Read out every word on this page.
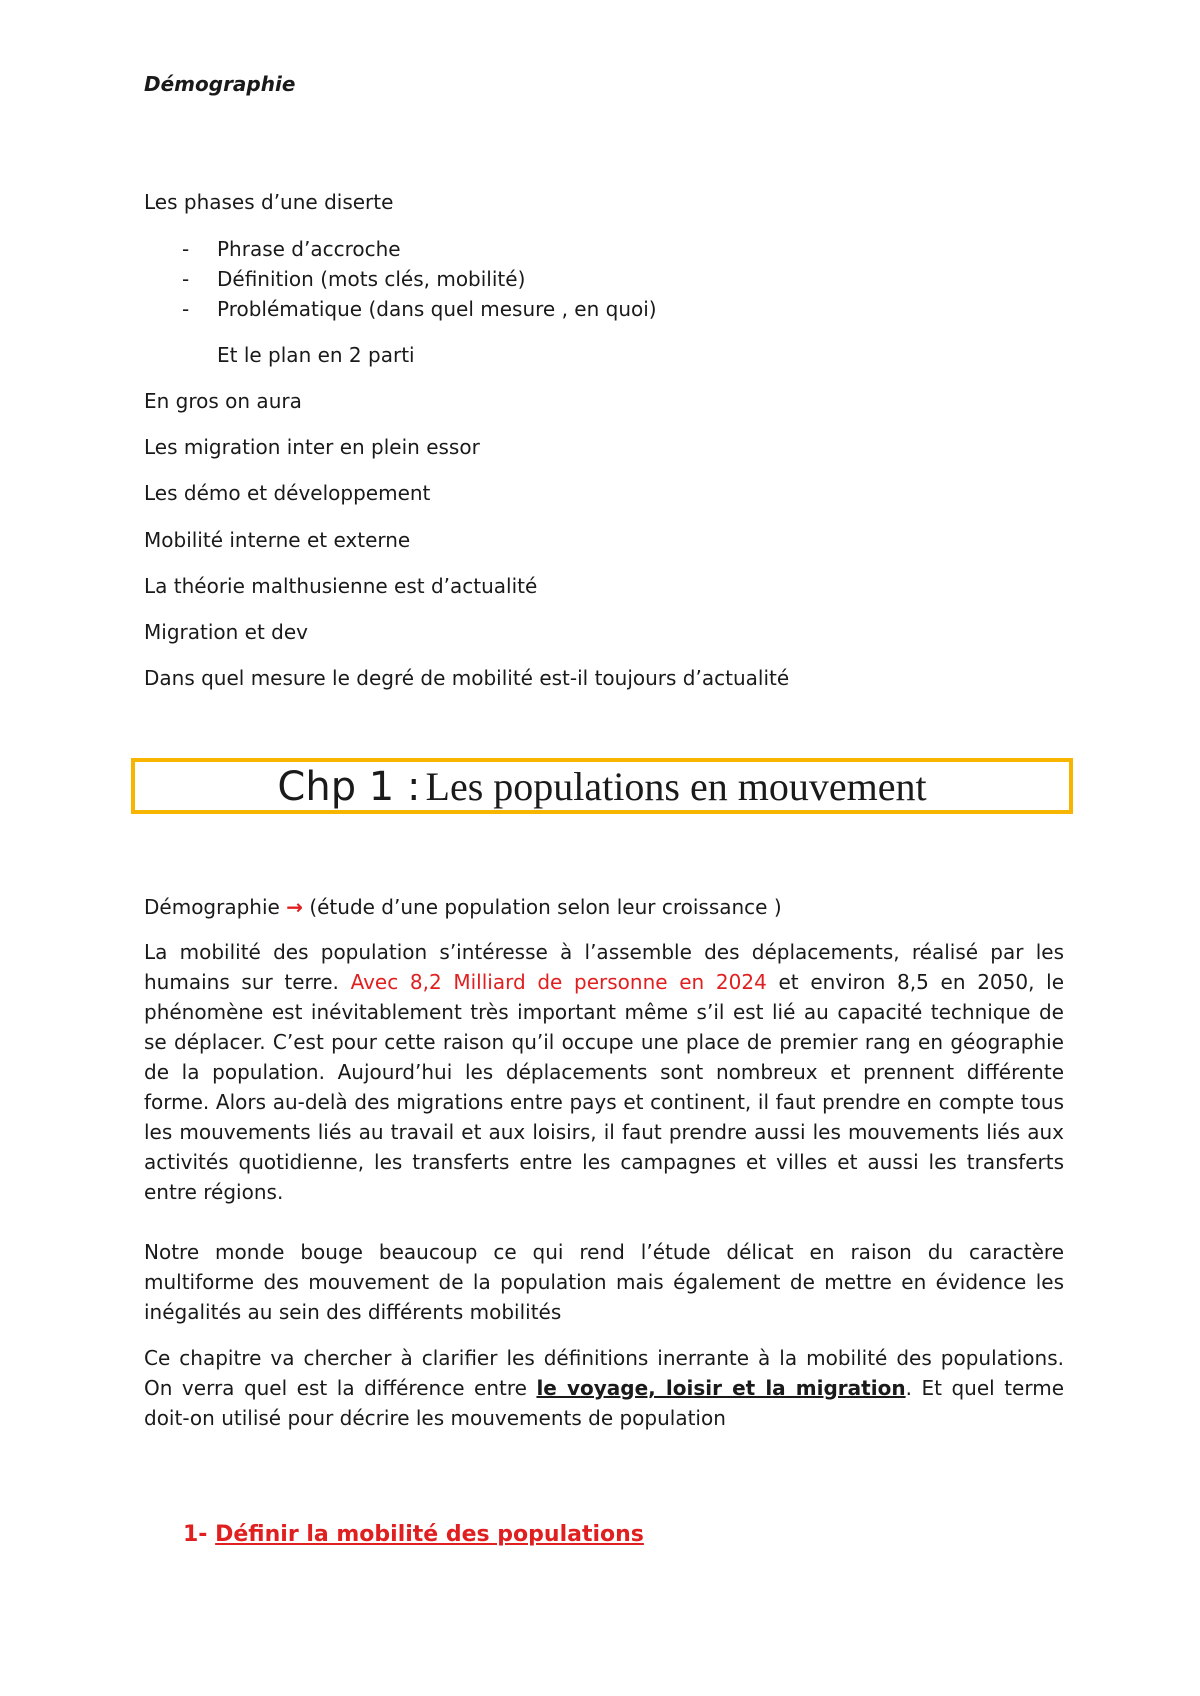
Démographie

Les phases d’une diserte

- Phrase d’accroche
- Définition (mots clés, mobilité)
- Problématique (dans quel mesure , en quoi)

Et le plan en 2 parti

En gros on aura

Les migration inter en plein essor

Les démo et développement

Mobilité interne et externe

La théorie malthusienne est d’actualité

Migration et dev

Dans quel mesure le degré de mobilité est-il toujours d’actualité

Chp 1 : Les populations en mouvement

Démographie → (étude d’une population selon leur croissance )

La mobilité des population s’intéresse à l’assemble des déplacements, réalisé par les humains sur terre. Avec 8,2 Milliard de personne en 2024 et environ 8,5 en 2050, le phénomène est inévitablement très important même s’il est lié au capacité technique de se déplacer. C’est pour cette raison qu’il occupe une place de premier rang en géographie de la population. Aujourd’hui les déplacements sont nombreux et prennent différente forme. Alors au-delà des migrations entre pays et continent, il faut prendre en compte tous les mouvements liés au travail et aux loisirs, il faut prendre aussi les mouvements liés aux activités quotidienne, les transferts entre les campagnes et villes et aussi les transferts entre régions.

Notre monde bouge beaucoup ce qui rend l’étude délicat en raison du caractère multiforme des mouvement de la population mais également de mettre en évidence les inégalités au sein des différents mobilités

Ce chapitre va chercher à clarifier les définitions inerrante à la mobilité des populations. On verra quel est la différence entre le voyage, loisir et la migration. Et quel terme doit-on utilisé pour décrire les mouvements de population

1- Définir la mobilité des populations
